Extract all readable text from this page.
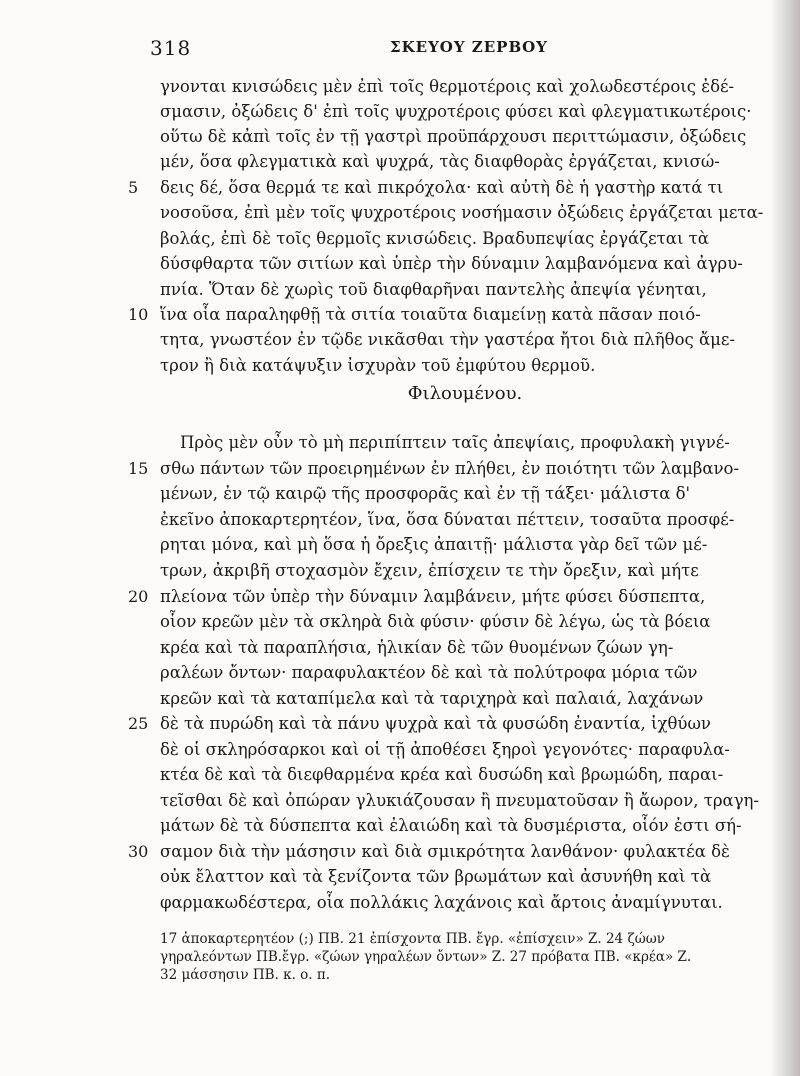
318	ΣΚΕΥΟΥ ΖΕΡΒΟΥ
γνονται κνισώδεις μὲν ἐπὶ τοῖς θερμοτέροις καὶ χολωδεστέροις ἐδέ-
σμασιν, ὀξώδεις δ' ἐπὶ τοῖς ψυχροτέροις φύσει καὶ φλεγματικωτέροις·
οὕτω δὲ κἀπὶ τοῖς ἐν τῇ γαστρὶ προϋπάρχουσι περιττώμασιν, ὀξώδεις
μέν, ὅσα φλεγματικὰ καὶ ψυχρά, τὰς διαφθορὰς ἐργάζεται, κνισώ-
5 δεις δέ, ὅσα θερμά τε καὶ πικρόχολα· καὶ αὐτὴ δὲ ἡ γαστὴρ κατά τι
νοσοῦσα, ἐπὶ μὲν τοῖς ψυχροτέροις νοσήμασιν ὀξώδεις ἐργάζεται μετα-
βολάς, ἐπὶ δὲ τοῖς θερμοῖς κνισώδεις. Βραδυπεψίας ἐργάζεται τὰ
δύσφθαρτα τῶν σιτίων καὶ ὑπὲρ τὴν δύναμιν λαμβανόμενα καὶ ἀγρυ-
πνία. Ὅταν δὲ χωρὶς τοῦ διαφθαρῆναι παντελὴς ἀπεψία γένηται,
10 ἵνα οἷα παραληφθῇ τὰ σιτία τοιαῦτα διαμείνῃ κατὰ πᾶσαν ποιό-
τητα, γνωστέον ἐν τῷδε νικᾶσθαι τὴν γαστέρα ἤτοι διὰ πλῆθος ἄμε-
τρον ἢ διὰ κατάψυξιν ἰσχυρὰν τοῦ ἐμφύτου θερμοῦ.
Φιλουμένου.
Πρὸς μὲν οὖν τὸ μὴ περιπίπτειν ταῖς ἀπεψίαις, προφυλακὴ γιγνέ-
15 σθω πάντων τῶν προειρημένων ἐν πλήθει, ἐν ποιότητι τῶν λαμβανο-
μένων, ἐν τῷ καιρῷ τῆς προσφορᾶς καὶ ἐν τῇ τάξει· μάλιστα δ'
ἐκεῖνο ἀποκαρτερητέον, ἵνα, ὅσα δύναται πέττειν, τοσαῦτα προσφέ-
ρηται μόνα, καὶ μὴ ὅσα ἡ ὄρεξις ἀπαιτῇ· μάλιστα γὰρ δεῖ τῶν μέ-
τρων, ἀκριβῆ στοχασμὸν ἔχειν, ἐπίσχειν τε τὴν ὄρεξιν, καὶ μήτε
20 πλείονα τῶν ὑπὲρ τὴν δύναμιν λαμβάνειν, μήτε φύσει δύσπεπτα,
οἷον κρεῶν μὲν τὰ σκληρὰ διὰ φύσιν· φύσιν δὲ λέγω, ὡς τὰ βόεια
κρέα καὶ τὰ παραπλήσια, ἡλικίαν δὲ τῶν θυομένων ζώων γη-
ραλέων ὄντων· παραφυλακτέον δὲ καὶ τὰ πολύτροφα μόρια τῶν
κρεῶν καὶ τὰ καταπίμελα καὶ τὰ ταριχηρὰ καὶ παλαιά, λαχάνων
25 δὲ τὰ πυρώδη καὶ τὰ πάνυ ψυχρὰ καὶ τὰ φυσώδη ἐναντία, ἰχθύων
δὲ οἱ σκληρόσαρκοι καὶ οἱ τῇ ἀποθέσει ξηροὶ γεγονότες· παραφυλα-
κτέα δὲ καὶ τὰ διεφθαρμένα κρέα καὶ δυσώδη καὶ βρωμώδη, παραι-
τεῖσθαι δὲ καὶ ὀπώραν γλυκιάζουσαν ἢ πνευματοῦσαν ἢ ἄωρον, τραγη-
μάτων δὲ τὰ δύσπεπτα καὶ ἐλαιώδη καὶ τὰ δυσμέριστα, οἷόν ἐστι σή-
30 σαμον διὰ τὴν μάσησιν καὶ διὰ σμικρότητα λανθάνον· φυλακτέα δὲ
οὐκ ἔλαττον καὶ τὰ ξενίζοντα τῶν βρωμάτων καὶ ἀσυνήθη καὶ τὰ
φαρμακωδέστερα, οἷα πολλάκις λαχάνοις καὶ ἄρτοις ἀναμίγνυται.
17 ἀποκαρτερητέον (;) ΠΒ. 21 ἐπίσχοντα ΠΒ. ἔγρ. «ἐπίσχειν» Ζ. 24 ζώων
γηραλεόντων ΠΒ.ἔγρ. «ζώων γηραλέων ὄντων» Ζ. 27 πρόβατα ΠΒ. «κρέα» Ζ.
32 μάσσησιν ΠΒ. κ. ο. π.
